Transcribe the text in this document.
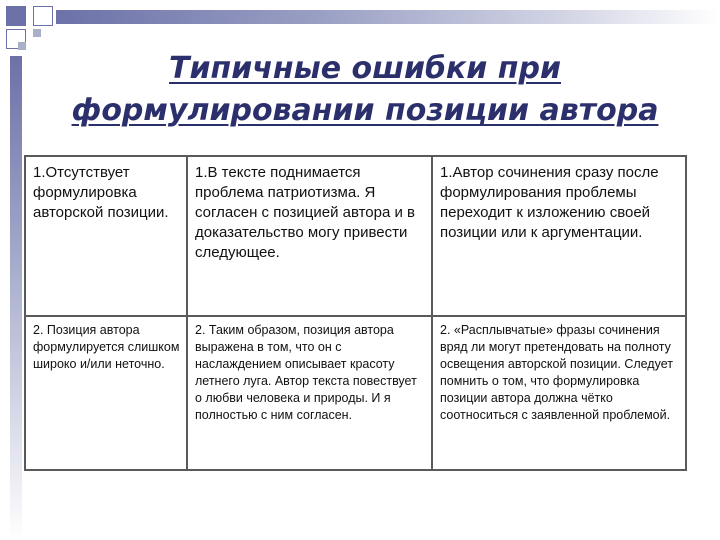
Типичные ошибки при
формулировании позиции автора
1.Отсутствует формулировка авторской позиции.	1.В тексте поднимается проблема патриотизма. Я согласен с позицией автора и в доказательство могу привести следующее.	1.Автор сочинения сразу после формулирования проблемы переходит к изложению своей позиции или к аргументации.
2. Позиция автора формулируется слишком широко и/или неточно.	2. Таким образом, позиция автора выражена в том, что он с наслаждением описывает красоту летнего луга. Автор текста повествует о любви человека и природы. И я полностью с ним согласен.	2. «Расплывчатые» фразы сочинения вряд ли могут претендовать на полноту освещения авторской позиции. Следует помнить о том, что формулировка позиции автора должна чётко соотноситься с заявленной проблемой.
